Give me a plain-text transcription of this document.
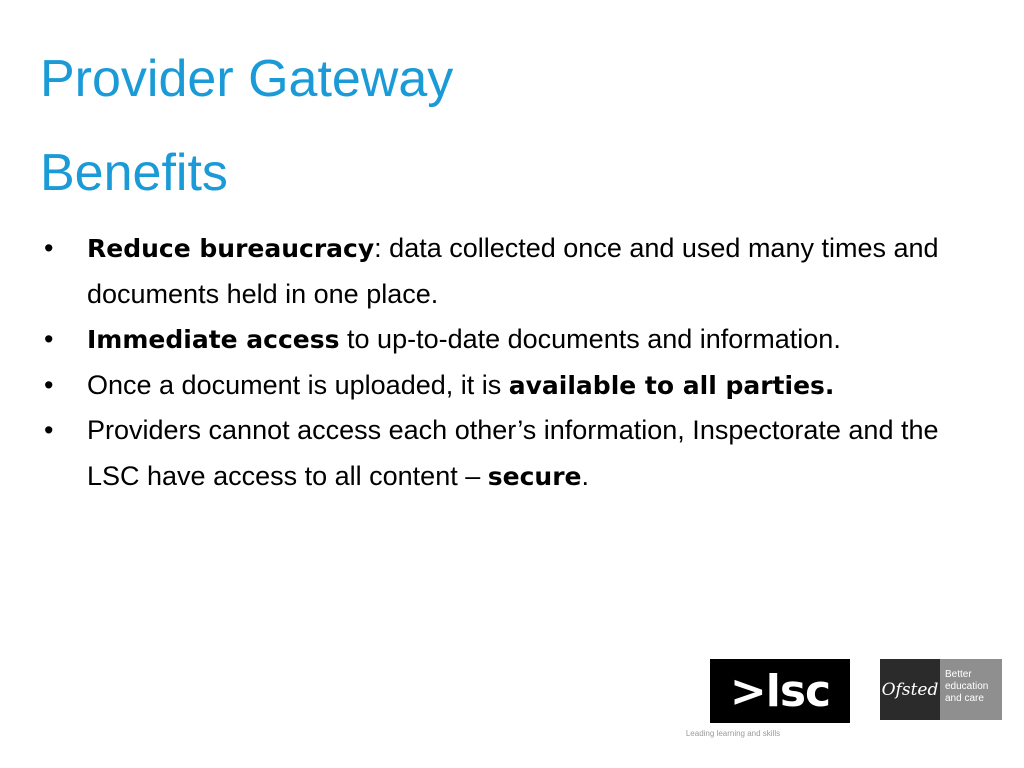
Provider Gateway
Benefits
• Reduce bureaucracy: data collected once and used many times and documents held in one place.
• Immediate access to up-to-date documents and information.
• Once a document is uploaded, it is available to all parties.
• Providers cannot access each other’s information, Inspectorate and the LSC have access to all content – secure.
>lsc
Leading learning and skills
Ofsted
Better
education
and care
